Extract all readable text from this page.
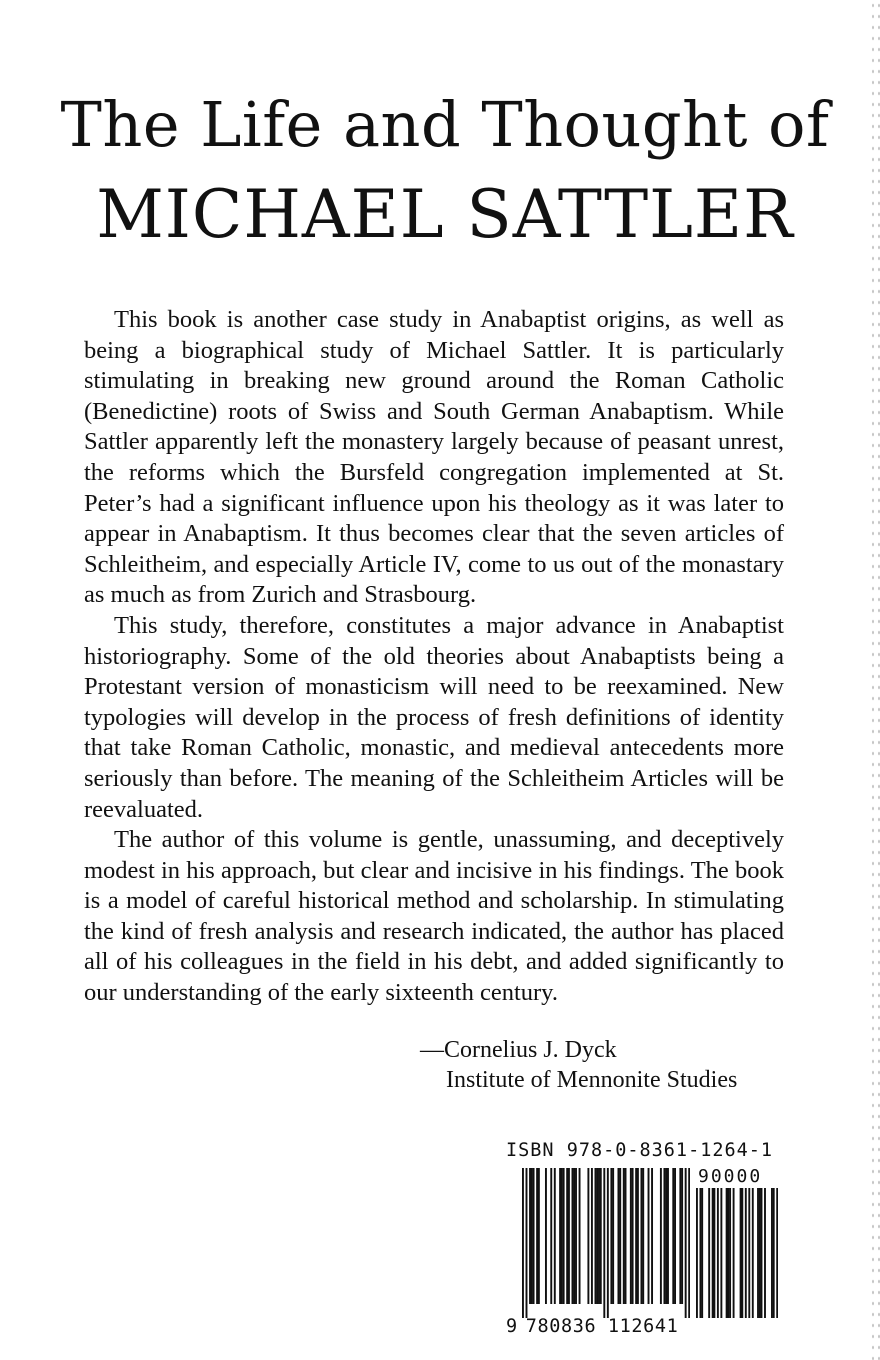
The Life and Thought of
MICHAEL SATTLER

This book is another case study in Anabaptist origins, as well as being a biographical study of Michael Sattler. It is particularly stimulating in breaking new ground around the Roman Catholic (Benedictine) roots of Swiss and South German Anabaptism. While Sattler apparently left the monastery largely because of peasant unrest, the reforms which the Bursfeld congregation implemented at St. Peter’s had a significant influence upon his theology as it was later to appear in Anabaptism. It thus becomes clear that the seven articles of Schleitheim, and especially Article IV, come to us out of the monastary as much as from Zurich and Strasbourg.

This study, therefore, constitutes a major advance in Anabaptist historiography. Some of the old theories about Anabaptists being a Protestant version of monasticism will need to be reexamined. New typologies will develop in the process of fresh definitions of identity that take Roman Catholic, monastic, and medieval antecedents more seriously than before. The meaning of the Schleitheim Articles will be reevaluated.

The author of this volume is gentle, unassuming, and deceptively modest in his approach, but clear and incisive in his findings. The book is a model of careful historical method and scholarship. In stimulating the kind of fresh analysis and research indicated, the author has placed all of his colleagues in the field in his debt, and added significantly to our understanding of the early sixteenth century.

—Cornelius J. Dyck
Institute of Mennonite Studies
ISBN 978-0-8361-1264-1
90000
9 780836 112641
